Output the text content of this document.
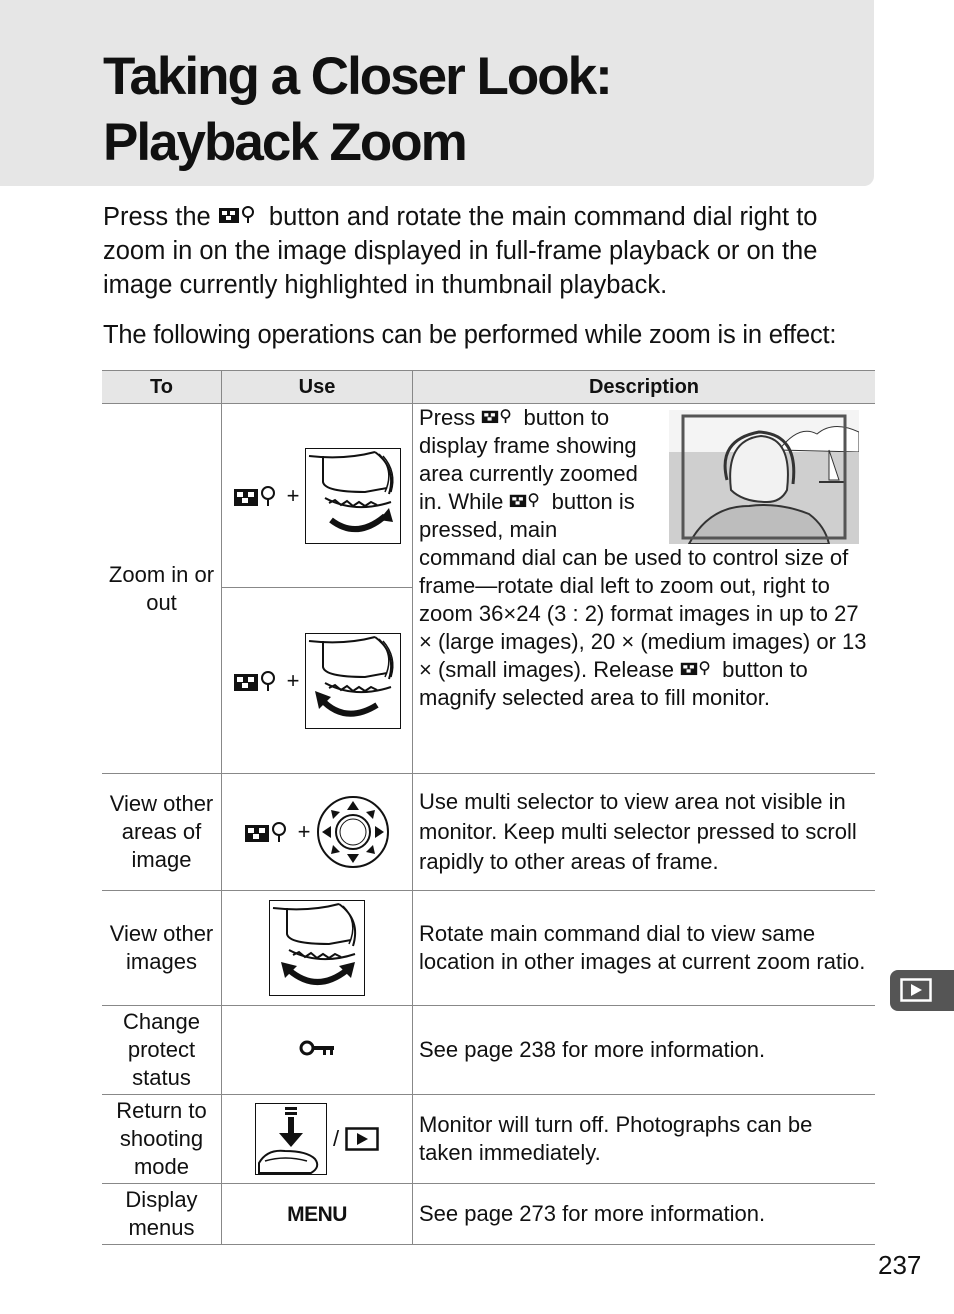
Taking a Closer Look:
Playback Zoom

Press the  button and rotate the main command dial right to zoom in on the image displayed in full-frame playback or on the image currently highlighted in thumbnail playback.

The following operations can be performed while zoom is in effect:

To	Use	Description
Zoom in or out	+	Press  button to display frame showing area currently zoomed in. While  button is pressed, main command dial can be used to control size of frame—rotate dial left to zoom out, right to zoom 36×24 (3 : 2) format images in up to 27 × (large images), 20 × (medium images) or 13 × (small images). Release  button to magnify selected area to fill monitor.

	+	

View other areas of image	+	Use multi selector to view area not visible in monitor. Keep multi selector pressed to scroll rapidly to other areas of frame.
View other images		Rotate main command dial to view same location in other images at current zoom ratio.
Change protect status		See page 238 for more information.
Return to shooting mode	/	Monitor will turn off. Photographs can be taken immediately.
Display menus	MENU	See page 273 for more information.
237
